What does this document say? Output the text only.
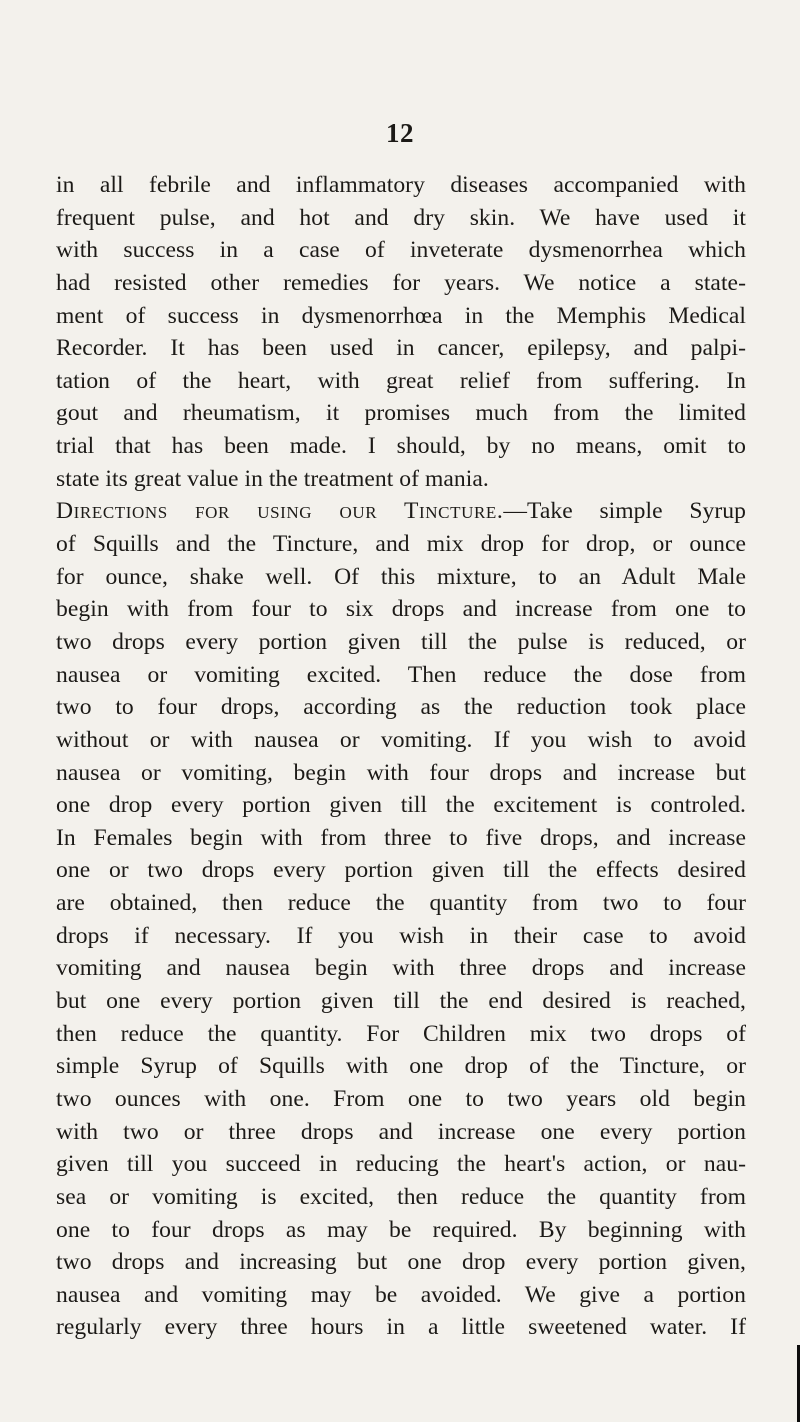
12
in all febrile and inflammatory diseases accompanied with
frequent pulse, and hot and dry skin. We have used it
with success in a case of inveterate dysmenorrhea which
had resisted other remedies for years. We notice a state-
ment of success in dysmenorrhœa in the Memphis Medical
Recorder. It has been used in cancer, epilepsy, and palpi-
tation of the heart, with great relief from suffering. In
gout and rheumatism, it promises much from the limited
trial that has been made. I should, by no means, omit to
state its great value in the treatment of mania.
Directions for using our Tincture.—Take simple Syrup
of Squills and the Tincture, and mix drop for drop, or ounce
for ounce, shake well. Of this mixture, to an Adult Male
begin with from four to six drops and increase from one to
two drops every portion given till the pulse is reduced, or
nausea or vomiting excited. Then reduce the dose from
two to four drops, according as the reduction took place
without or with nausea or vomiting. If you wish to avoid
nausea or vomiting, begin with four drops and increase but
one drop every portion given till the excitement is controled.
In Females begin with from three to five drops, and increase
one or two drops every portion given till the effects desired
are obtained, then reduce the quantity from two to four
drops if necessary. If you wish in their case to avoid
vomiting and nausea begin with three drops and increase
but one every portion given till the end desired is reached,
then reduce the quantity. For Children mix two drops of
simple Syrup of Squills with one drop of the Tincture, or
two ounces with one. From one to two years old begin
with two or three drops and increase one every portion
given till you succeed in reducing the heart's action, or nau-
sea or vomiting is excited, then reduce the quantity from
one to four drops as may be required. By beginning with
two drops and increasing but one drop every portion given,
nausea and vomiting may be avoided. We give a portion
regularly every three hours in a little sweetened water. If
